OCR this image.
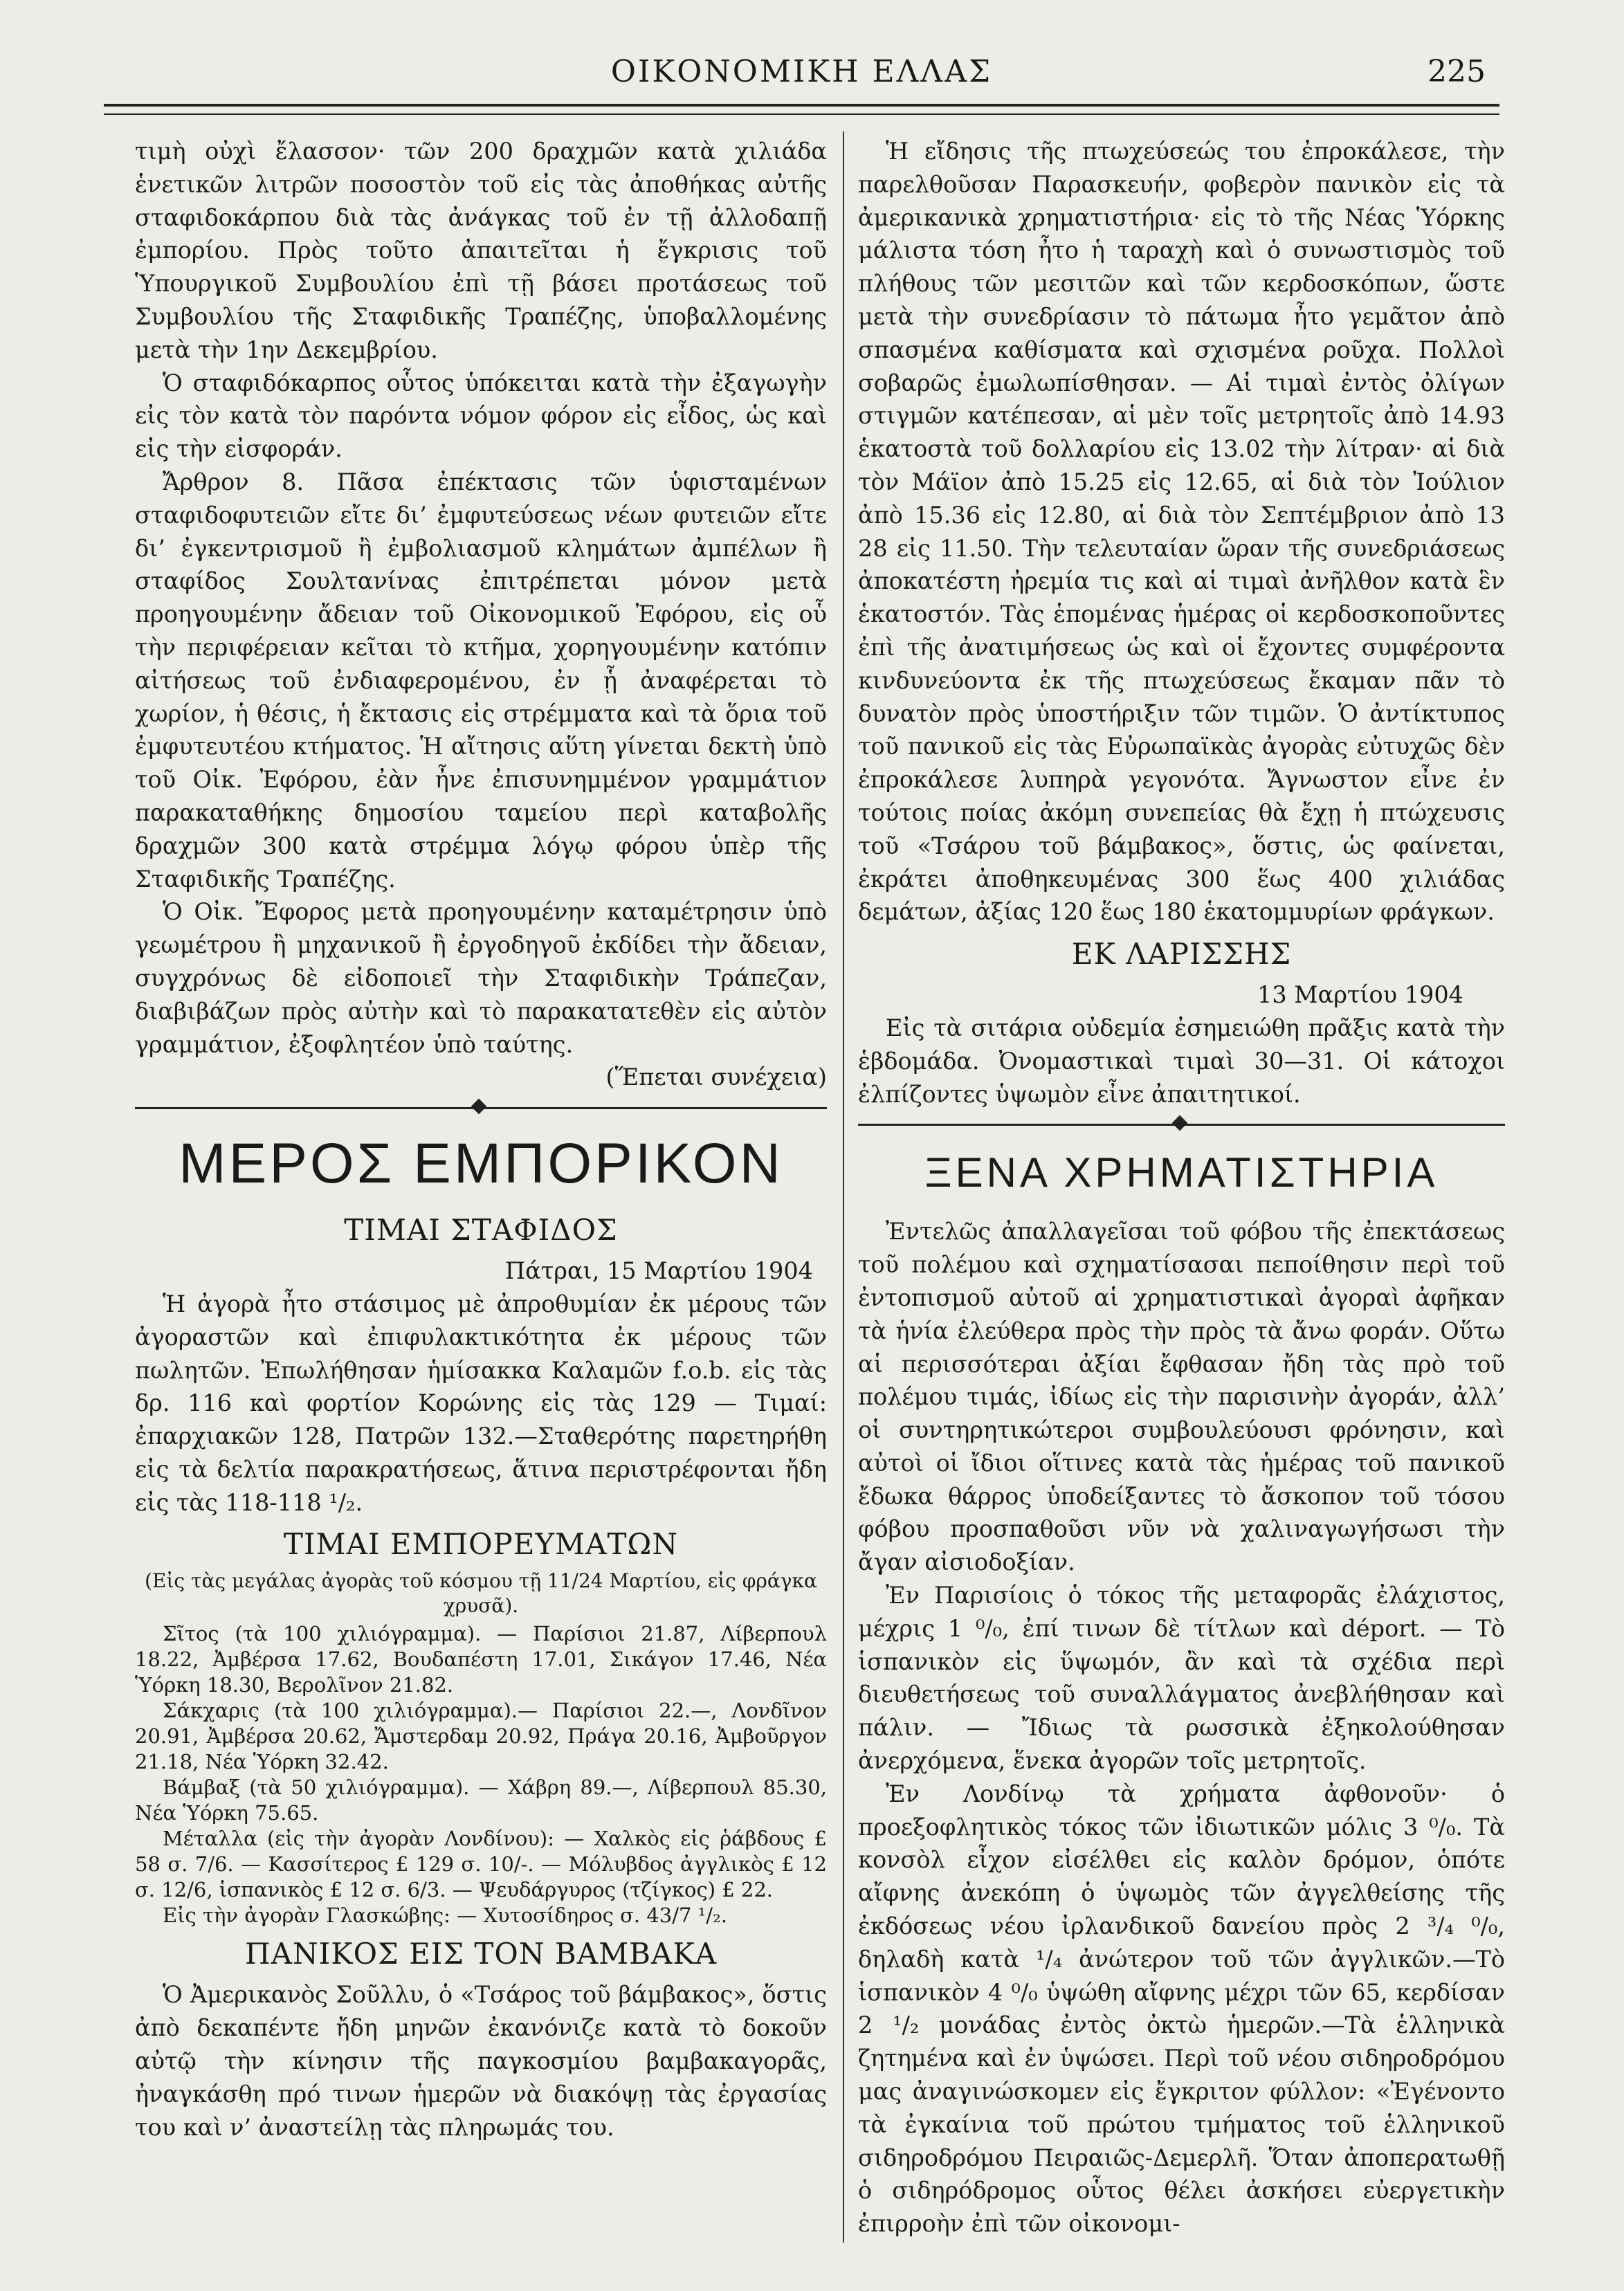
ΟΙΚΟΝΟΜΙΚΗ ΕΛΛΑΣ	225

τιμὴ οὐχὶ ἔλασσον· τῶν 200 δραχμῶν κατὰ χιλιάδα ἑνετικῶν λιτρῶν ποσοστὸν τοῦ εἰς τὰς ἀποθήκας αὐτῆς σταφιδοκάρπου διὰ τὰς ἀνάγκας τοῦ ἐν τῇ ἀλλοδαπῇ ἐμπορίου. Πρὸς τοῦτο ἀπαιτεῖται ἡ ἔγκρισις τοῦ Ὑπουργικοῦ Συμβουλίου ἐπὶ τῇ βάσει προτάσεως τοῦ Συμβουλίου τῆς Σταφιδικῆς Τραπέζης, ὑποβαλλομένης μετὰ τὴν 1ην Δεκεμβρίου.

Ὁ σταφιδόκαρπος οὗτος ὑπόκειται κατὰ τὴν ἐξαγωγὴν εἰς τὸν κατὰ τὸν παρόντα νόμον φόρον εἰς εἶδος, ὡς καὶ εἰς τὴν εἰσφοράν.

Ἄρθρον 8. Πᾶσα ἐπέκτασις τῶν ὑφισταμένων σταφιδοφυτειῶν εἴτε δι’ ἐμφυτεύσεως νέων φυτειῶν εἴτε δι’ ἐγκεντρισμοῦ ἢ ἐμβολιασμοῦ κλημάτων ἀμπέλων ἢ σταφίδος Σουλτανίνας ἐπιτρέπεται μόνον μετὰ προηγουμένην ἄδειαν τοῦ Οἰκονομικοῦ Ἐφόρου, εἰς οὗ τὴν περιφέρειαν κεῖται τὸ κτῆμα, χορηγουμένην κατόπιν αἰτήσεως τοῦ ἐνδιαφερομένου, ἐν ᾗ ἀναφέρεται τὸ χωρίον, ἡ θέσις, ἡ ἔκτασις εἰς στρέμματα καὶ τὰ ὅρια τοῦ ἐμφυτευτέου κτήματος. Ἡ αἴτησις αὕτη γίνεται δεκτὴ ὑπὸ τοῦ Οἰκ. Ἐφόρου, ἐὰν ἦνε ἐπισυνημμένον γραμμάτιον παρακαταθήκης δημοσίου ταμείου περὶ καταβολῆς δραχμῶν 300 κατὰ στρέμμα λόγῳ φόρου ὑπὲρ τῆς Σταφιδικῆς Τραπέζης.

Ὁ Οἰκ. Ἔφορος μετὰ προηγουμένην καταμέτρησιν ὑπὸ γεωμέτρου ἢ μηχανικοῦ ἢ ἐργοδηγοῦ ἐκδίδει τὴν ἄδειαν, συγχρόνως δὲ εἰδοποιεῖ τὴν Σταφιδικὴν Τράπεζαν, διαβιβάζων πρὸς αὐτὴν καὶ τὸ παρακατατεθὲν εἰς αὐτὸν γραμμάτιον, ἐξοφλητέον ὑπὸ ταύτης.

(Ἕπεται συνέχεια)

ΜΕΡΟΣ ΕΜΠΟΡΙΚΟΝ
ΤΙΜΑΙ ΣΤΑΦΙΔΟΣ

Πάτραι, 15 Μαρτίου 1904

Ἡ ἀγορὰ ἦτο στάσιμος μὲ ἀπροθυμίαν ἐκ μέρους τῶν ἀγοραστῶν καὶ ἐπιφυλακτικότητα ἐκ μέρους τῶν πωλητῶν. Ἐπωλήθησαν ἡμίσακκα Καλαμῶν f.o.b. εἰς τὰς δρ. 116 καὶ φορτίον Κορώνης εἰς τὰς 129 — Τιμαί: ἐπαρχιακῶν 128, Πατρῶν 132.—Σταθερότης παρετηρήθη εἰς τὰ δελτία παρακρατήσεως, ἅτινα περιστρέφονται ἤδη εἰς τὰς 118-118 ¹/₂.

ΤΙΜΑΙ ΕΜΠΟΡΕΥΜΑΤΩΝ
(Εἰς τὰς μεγάλας ἀγορὰς τοῦ κόσμου τῇ 11/24 Μαρτίου, εἰς φράγκα χρυσᾶ).

Σῖτος (τὰ 100 χιλιόγραμμα). — Παρίσιοι 21.87, Λίβερπουλ 18.22, Ἀμβέρσα 17.62, Βουδαπέστη 17.01, Σικάγον 17.46, Νέα Ὑόρκη 18.30, Βερολῖνον 21.82.

Σάκχαρις (τὰ 100 χιλιόγραμμα).— Παρίσιοι 22.—, Λονδῖνον 20.91, Ἀμβέρσα 20.62, Ἄμστερδαμ 20.92, Πράγα 20.16, Ἀμβοῦργον 21.18, Νέα Ὑόρκη 32.42.

Βάμβαξ (τὰ 50 χιλιόγραμμα). — Χάβρη 89.—, Λίβερπουλ 85.30, Νέα Ὑόρκη 75.65.

Μέταλλα (εἰς τὴν ἀγορὰν Λονδίνου): — Χαλκὸς εἰς ῥάβδους £ 58 σ. 7/6. — Κασσίτερος £ 129 σ. 10/-. — Μόλυβδος ἀγγλικὸς £ 12 σ. 12/6, ἱσπανικὸς £ 12 σ. 6/3. — Ψευδάργυρος (τζίγκος) £ 22.

Εἰς τὴν ἀγορὰν Γλασκώβης: — Χυτοσίδηρος σ. 43/7 ¹/₂.

ΠΑΝΙΚΟΣ ΕΙΣ ΤΟΝ ΒΑΜΒΑΚΑ

Ὁ Ἀμερικανὸς Σοῦλλυ, ὁ «Τσάρος τοῦ βάμβακος», ὅστις ἀπὸ δεκαπέντε ἤδη μηνῶν ἐκανόνιζε κατὰ τὸ δοκοῦν αὐτῷ τὴν κίνησιν τῆς παγκοσμίου βαμβακαγορᾶς, ἠναγκάσθη πρό τινων ἡμερῶν νὰ διακόψῃ τὰς ἐργασίας του καὶ ν’ ἀναστείλῃ τὰς πληρωμάς του.

Ἡ εἴδησις τῆς πτωχεύσεώς του ἐπροκάλεσε, τὴν παρελθοῦσαν Παρασκευήν, φοβερὸν πανικὸν εἰς τὰ ἀμερικανικὰ χρηματιστήρια· εἰς τὸ τῆς Νέας Ὑόρκης μάλιστα τόση ἦτο ἡ ταραχὴ καὶ ὁ συνωστισμὸς τοῦ πλήθους τῶν μεσιτῶν καὶ τῶν κερδοσκόπων, ὥστε μετὰ τὴν συνεδρίασιν τὸ πάτωμα ἦτο γεμᾶτον ἀπὸ σπασμένα καθίσματα καὶ σχισμένα ροῦχα. Πολλοὶ σοβαρῶς ἐμωλωπίσθησαν. — Αἱ τιμαὶ ἐντὸς ὀλίγων στιγμῶν κατέπεσαν, αἱ μὲν τοῖς μετρητοῖς ἀπὸ 14.93 ἑκατοστὰ τοῦ δολλαρίου εἰς 13.02 τὴν λίτραν· αἱ διὰ τὸν Μάϊον ἀπὸ 15.25 εἰς 12.65, αἱ διὰ τὸν Ἰούλιον ἀπὸ 15.36 εἰς 12.80, αἱ διὰ τὸν Σεπτέμβριον ἀπὸ 13 28 εἰς 11.50. Τὴν τελευταίαν ὥραν τῆς συνεδριάσεως ἀποκατέστη ἠρεμία τις καὶ αἱ τιμαὶ ἀνῆλθον κατὰ ἓν ἑκατοστόν. Τὰς ἑπομένας ἡμέρας οἱ κερδοσκοποῦντες ἐπὶ τῆς ἀνατιμήσεως ὡς καὶ οἱ ἔχοντες συμφέροντα κινδυνεύοντα ἐκ τῆς πτωχεύσεως ἔκαμαν πᾶν τὸ δυνατὸν πρὸς ὑποστήριξιν τῶν τιμῶν. Ὁ ἀντίκτυπος τοῦ πανικοῦ εἰς τὰς Εὐρωπαϊκὰς ἀγορὰς εὐτυχῶς δὲν ἐπροκάλεσε λυπηρὰ γεγονότα. Ἄγνωστον εἶνε ἐν τούτοις ποίας ἀκόμη συνεπείας θὰ ἔχῃ ἡ πτώχευσις τοῦ «Τσάρου τοῦ βάμβακος», ὅστις, ὡς φαίνεται, ἐκράτει ἀποθηκευμένας 300 ἕως 400 χιλιάδας δεμάτων, ἀξίας 120 ἕως 180 ἑκατομμυρίων φράγκων.

ΕΚ ΛΑΡΙΣΣΗΣ

13 Μαρτίου 1904

Εἰς τὰ σιτάρια οὐδεμία ἐσημειώθη πρᾶξις κατὰ τὴν ἑβδομάδα. Ὀνομαστικαὶ τιμαὶ 30—31. Οἱ κάτοχοι ἐλπίζοντες ὑψωμὸν εἶνε ἀπαιτητικοί.

ΞΕΝΑ ΧΡΗΜΑΤΙΣΤΗΡΙΑ

Ἐντελῶς ἀπαλλαγεῖσαι τοῦ φόβου τῆς ἐπεκτάσεως τοῦ πολέμου καὶ σχηματίσασαι πεποίθησιν περὶ τοῦ ἐντοπισμοῦ αὐτοῦ αἱ χρηματιστικαὶ ἀγοραὶ ἀφῆκαν τὰ ἡνία ἐλεύθερα πρὸς τὴν πρὸς τὰ ἄνω φοράν. Οὕτω αἱ περισσότεραι ἀξίαι ἔφθασαν ἤδη τὰς πρὸ τοῦ πολέμου τιμάς, ἰδίως εἰς τὴν παρισινὴν ἀγοράν, ἀλλ’ οἱ συντηρητικώτεροι συμβουλεύουσι φρόνησιν, καὶ αὐτοὶ οἱ ἴδιοι οἵτινες κατὰ τὰς ἡμέρας τοῦ πανικοῦ ἔδωκα θάρρος ὑποδείξαντες τὸ ἄσκοπον τοῦ τόσου φόβου προσπαθοῦσι νῦν νὰ χαλιναγωγήσωσι τὴν ἄγαν αἰσιοδοξίαν.

Ἐν Παρισίοις ὁ τόκος τῆς μεταφορᾶς ἐλάχιστος, μέχρις 1 ⁰/₀, ἐπί τινων δὲ τίτλων καὶ déport. — Τὸ ἱσπανικὸν εἰς ὕψωμόν, ἂν καὶ τὰ σχέδια περὶ διευθετήσεως τοῦ συναλλάγματος ἀνεβλήθησαν καὶ πάλιν. — Ἴδιως τὰ ρωσσικὰ ἐξηκολούθησαν ἀνερχόμενα, ἕνεκα ἀγορῶν τοῖς μετρητοῖς.

Ἐν Λονδίνῳ τὰ χρήματα ἀφθονοῦν· ὁ προεξοφλητικὸς τόκος τῶν ἰδιωτικῶν μόλις 3 ⁰/₀. Τὰ κονσὸλ εἶχον εἰσέλθει εἰς καλὸν δρόμον, ὁπότε αἴφνης ἀνεκόπη ὁ ὑψωμὸς τῶν ἀγγελθείσης τῆς ἐκδόσεως νέου ἰρλανδικοῦ δανείου πρὸς 2 ³/₄ ⁰/₀, δηλαδὴ κατὰ ¹/₄ ἀνώτερον τοῦ τῶν ἀγγλικῶν.—Τὸ ἱσπανικὸν 4 ⁰/₀ ὑψώθη αἴφνης μέχρι τῶν 65, κερδίσαν 2 ¹/₂ μονάδας ἐντὸς ὀκτὼ ἡμερῶν.—Τὰ ἑλληνικὰ ζητημένα καὶ ἐν ὑψώσει. Περὶ τοῦ νέου σιδηροδρόμου μας ἀναγινώσκομεν εἰς ἔγκριτον φύλλον: «Ἐγένοντο τὰ ἐγκαίνια τοῦ πρώτου τμήματος τοῦ ἑλληνικοῦ σιδηροδρόμου Πειραιῶς-Δεμερλῆ. Ὅταν ἀποπερατωθῇ ὁ σιδηρόδρομος οὗτος θέλει ἀσκήσει εὐεργετικὴν ἐπιρροὴν ἐπὶ τῶν οἰκονομι-
